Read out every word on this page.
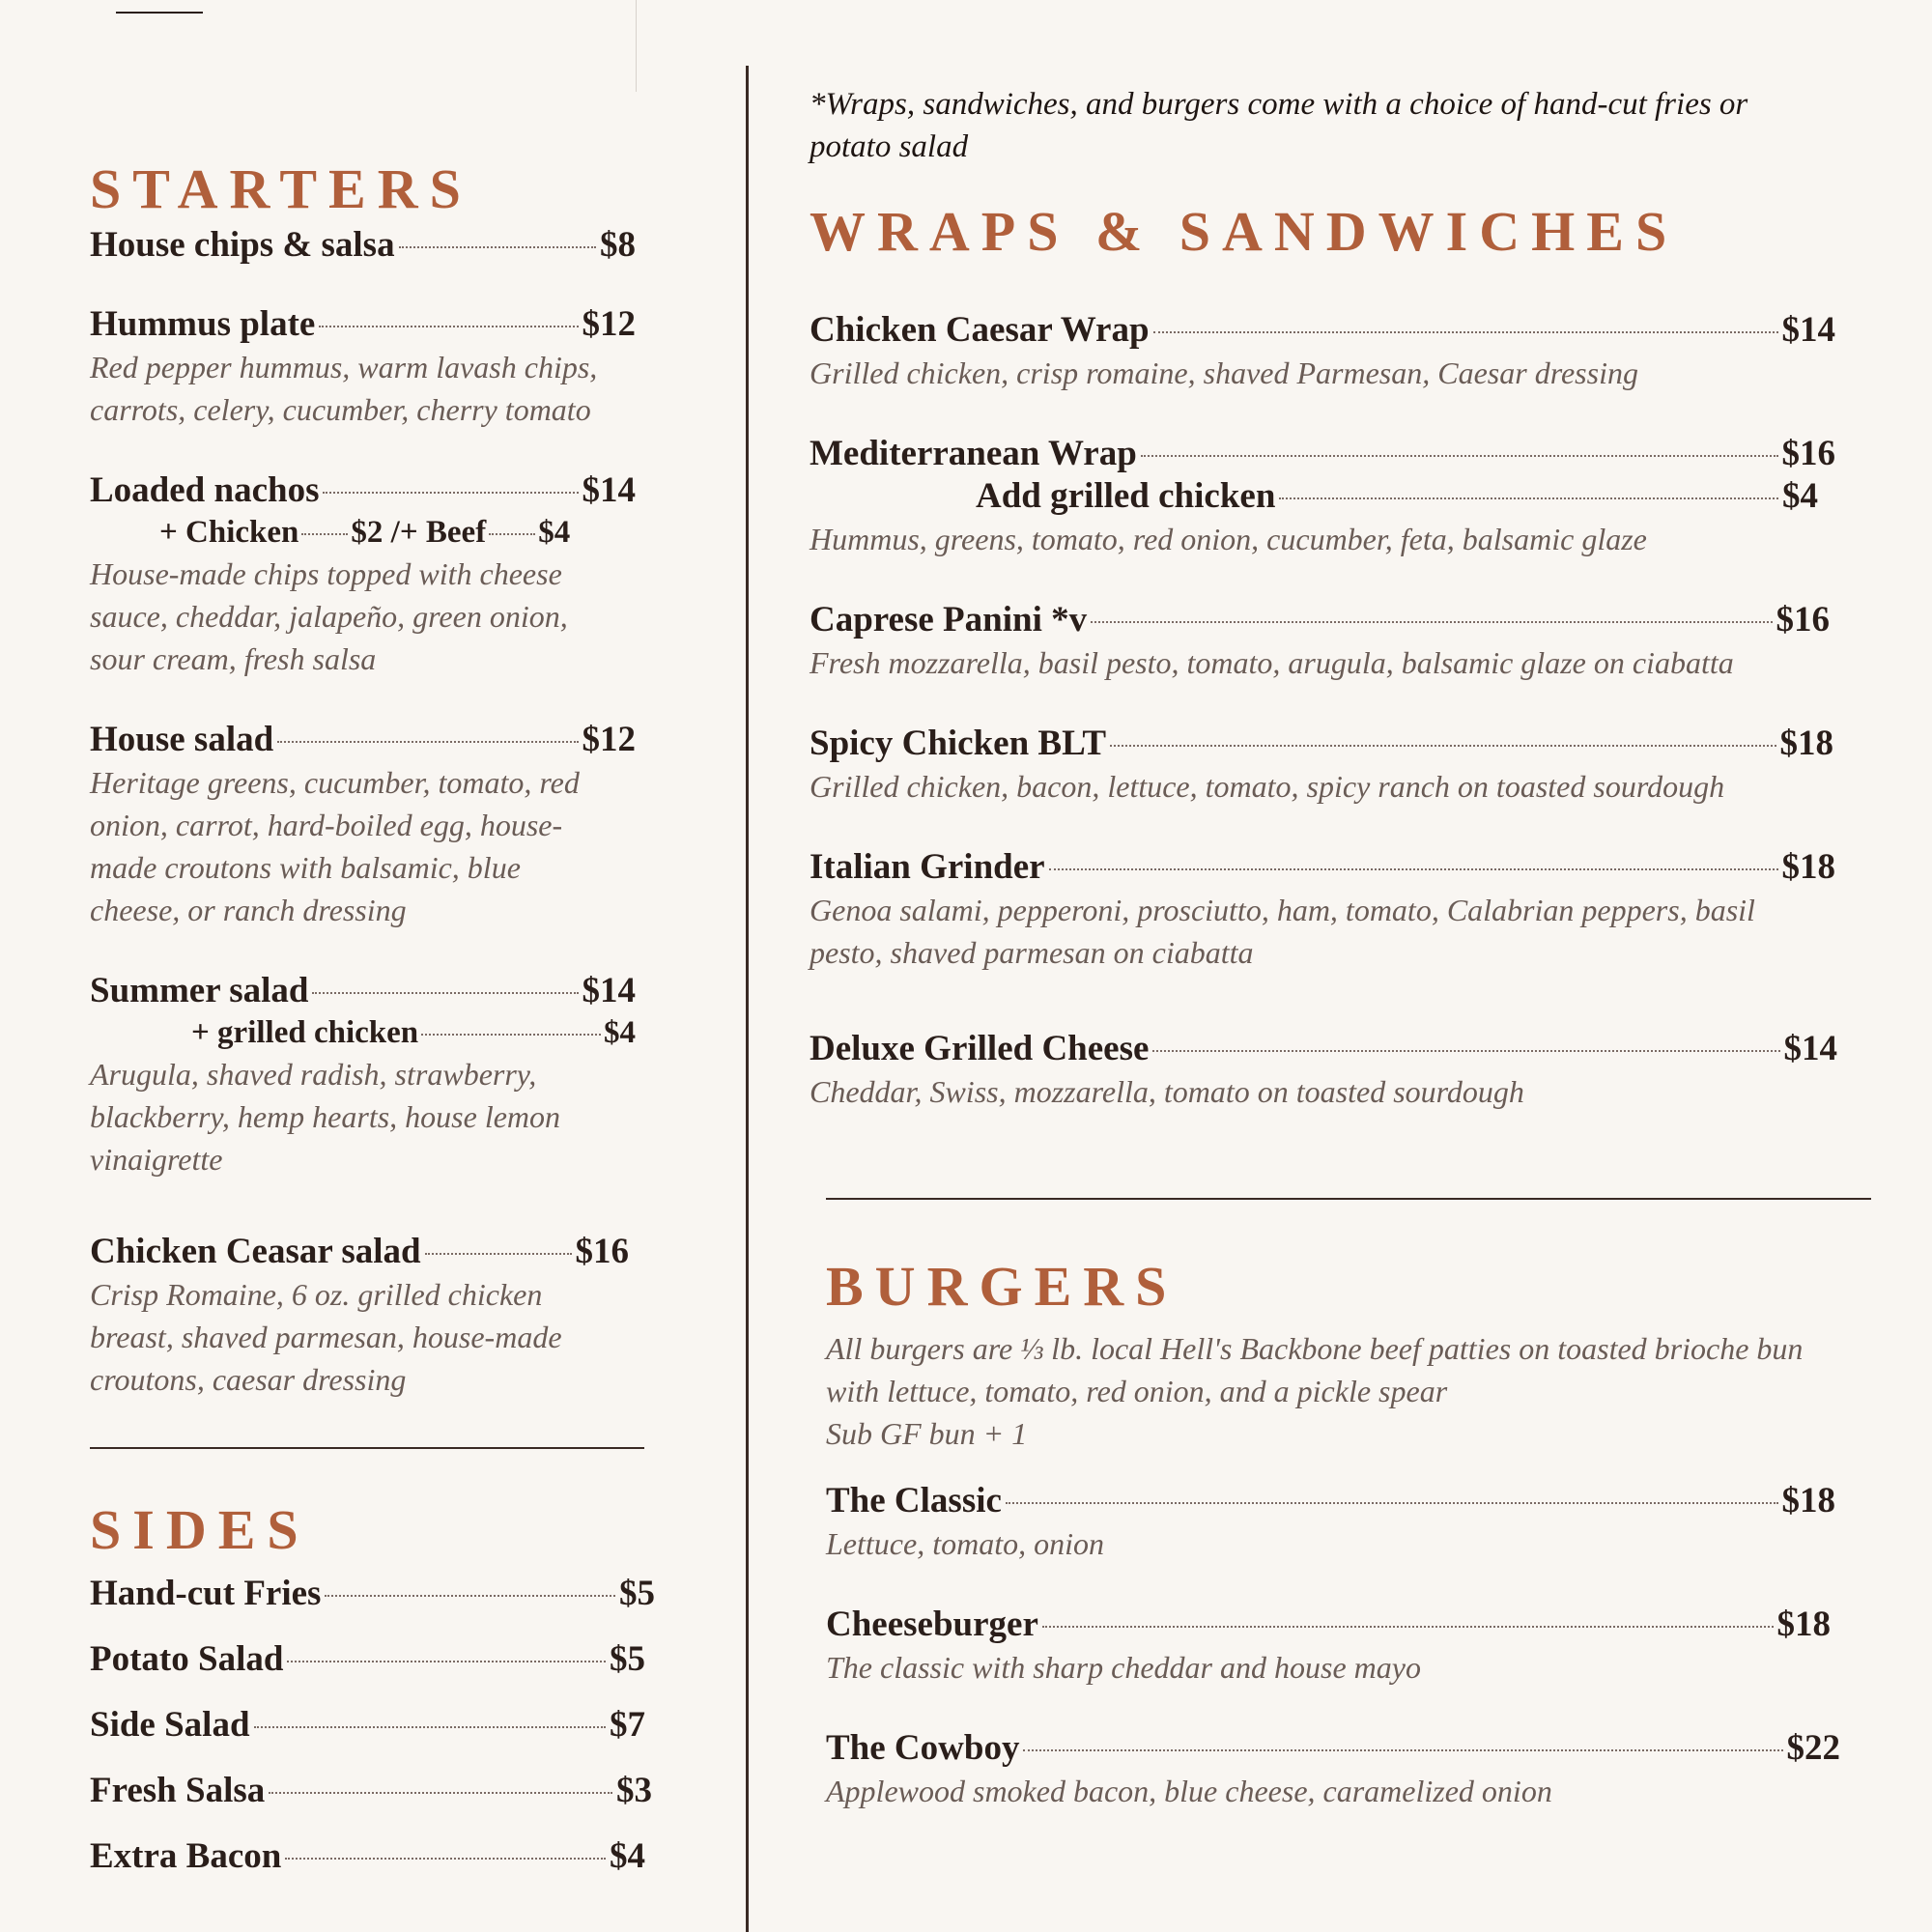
STARTERS
House chips & salsa	$8
Hummus plate	$12

Red pepper hummus, warm lavash chips, carrots, celery, cucumber, cherry tomato

Loaded nachos	$14
+ Chicken $2 / + Beef $4

House-made chips topped with cheese sauce, cheddar, jalapeño, green onion, sour cream, fresh salsa

House salad	$12

Heritage greens, cucumber, tomato, red onion, carrot, hard-boiled egg, house-made croutons with balsamic, blue cheese, or ranch dressing

Summer salad	$14
+ grilled chicken	$4

Arugula, shaved radish, strawberry, blackberry, hemp hearts, house lemon vinaigrette

Chicken Ceasar salad	$16

Crisp Romaine, 6 oz. grilled chicken breast, shaved parmesan, house-made croutons, caesar dressing

SIDES
Hand-cut Fries	$5
Potato Salad	$5
Side Salad	$7
Fresh Salsa	$3
Extra Bacon	$4

*Wraps, sandwiches, and burgers come with a choice of hand-cut fries or potato salad

WRAPS & SANDWICHES
Chicken Caesar Wrap	$14

Grilled chicken, crisp romaine, shaved Parmesan, Caesar dressing

Mediterranean Wrap	$16
Add grilled chicken	$4

Hummus, greens, tomato, red onion, cucumber, feta, balsamic glaze

Caprese Panini *v	$16

Fresh mozzarella, basil pesto, tomato, arugula, balsamic glaze on ciabatta

Spicy Chicken BLT	$18

Grilled chicken, bacon, lettuce, tomato, spicy ranch on toasted sourdough

Italian Grinder	$18

Genoa salami, pepperoni, prosciutto, ham, tomato, Calabrian peppers, basil pesto, shaved parmesan on ciabatta

Deluxe Grilled Cheese	$14

Cheddar, Swiss, mozzarella, tomato on toasted sourdough

BURGERS

All burgers are ⅓ lb. local Hell's Backbone beef patties on toasted brioche bun with lettuce, tomato, red onion, and a pickle spear

Sub GF bun + 1

The Classic	$18

Lettuce, tomato, onion

Cheeseburger	$18

The classic with sharp cheddar and house mayo

The Cowboy	$22

Applewood smoked bacon, blue cheese, caramelized onion
